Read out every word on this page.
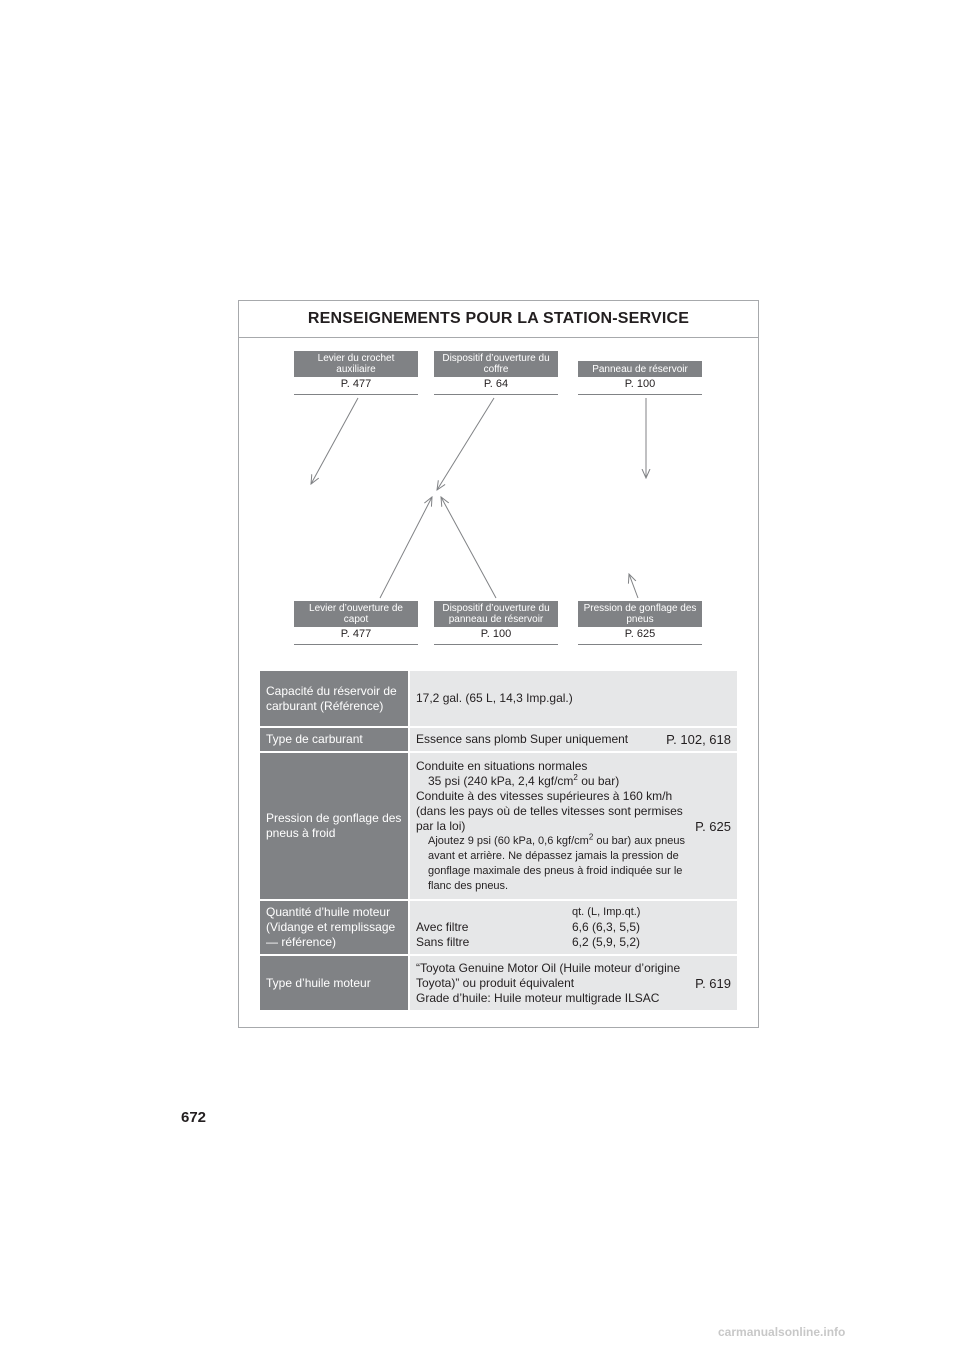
RENSEIGNEMENTS POUR LA STATION-SERVICE
Levier du crochet auxiliaire
P. 477
Dispositif d’ouverture du coffre
P. 64
Panneau de réservoir
P. 100
Levier d’ouverture de capot
P. 477
Dispositif d’ouverture du panneau de réservoir
P. 100
Pression de gonflage des pneus
P. 625
Capacité du réservoir de carburant (Référence)	17,2 gal. (65 L, 14,3 Imp.gal.)
Type de carburant	Essence sans plomb Super uniquement P. 102, 618

Pression de gonflage des pneus à froid	Conduite en situations normales
35 psi (240 kPa, 2,4 kgf/$cm^2$ ou bar)
Conduite à des vitesses supérieures à 160 km/h (dans les pays où de telles vitesses sont permises par la loi)
Ajoutez 9 psi (60 kPa, 0,6 kgf/$cm^2$ ou bar) aux pneus avant et arrière. Ne dépassez jamais la pression de gonflage maximale des pneus à froid indiquée sur le flanc des pneus.
P. 625

Quantité d’huile moteur (Vidange et remplissage — référence)	qt. (L, Imp.qt.)
Avec filtre 6,6 (6,3, 5,5)
Sans filtre 6,2 (5,9, 5,2)

Type d’huile moteur	“Toyota Genuine Motor Oil (Huile moteur d’origine Toyota)” ou produit équivalent
Grade d’huile: Huile moteur multigrade ILSAC
P. 619
672
carmanualsonline.info
